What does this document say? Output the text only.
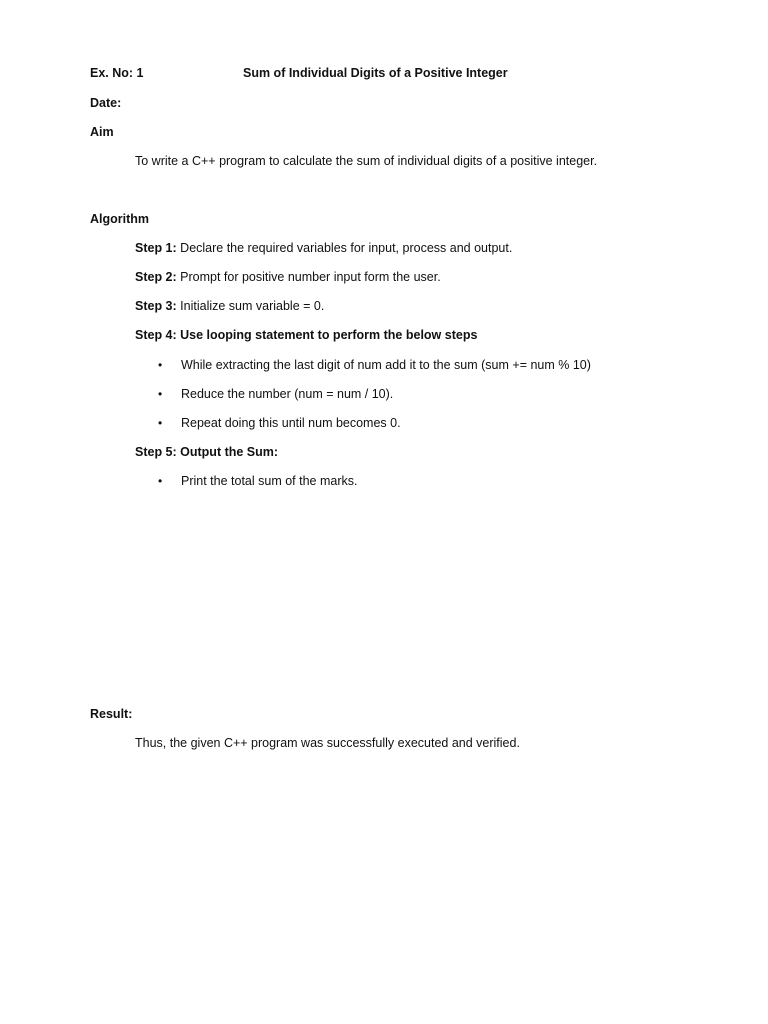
Ex. No: 1	Sum of Individual Digits of a Positive Integer
Date:
Aim
To write a C++ program to calculate the sum of individual digits of a positive integer.
Algorithm
Step 1: Declare the required variables for input, process and output.
Step 2: Prompt for positive number input form the user.
Step 3: Initialize sum variable = 0.
Step 4: Use looping statement to perform the below steps
• While extracting the last digit of num add it to the sum (sum += num % 10)
• Reduce the number (num = num / 10).
• Repeat doing this until num becomes 0.
Step 5: Output the Sum:
• Print the total sum of the marks.
Result:
Thus, the given C++ program was successfully executed and verified.
